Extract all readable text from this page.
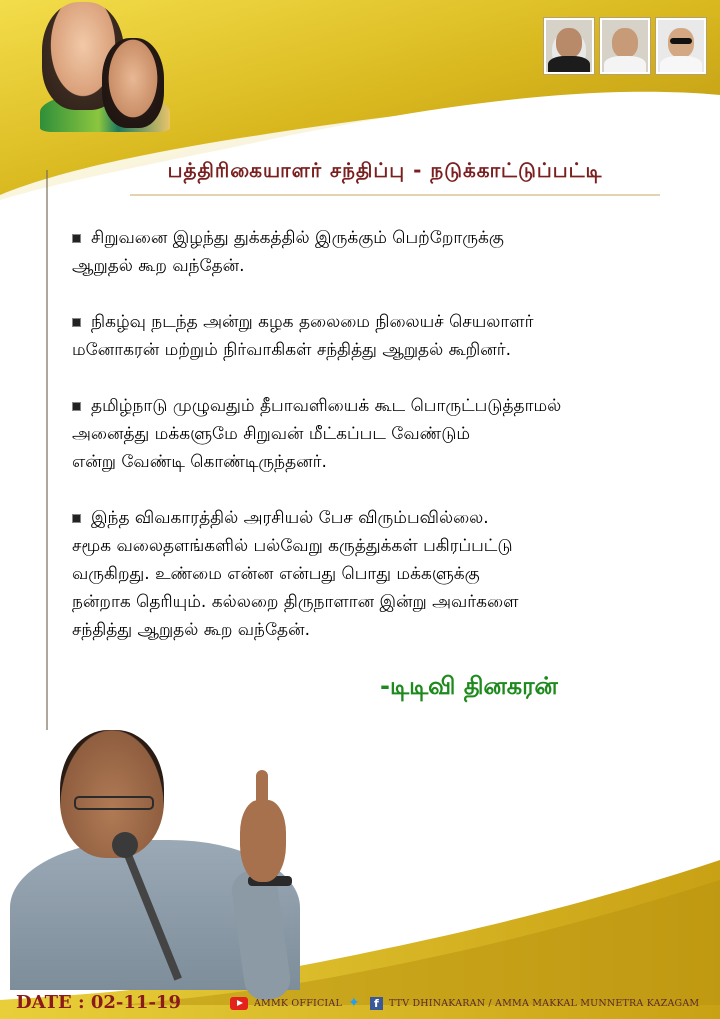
பத்திரிகையாளர் சந்திப்பு - நடுக்காட்டுப்பட்டி

சிறுவனை இழந்து துக்கத்தில் இருக்கும் பெற்றோருக்கு
ஆறுதல் கூற வந்தேன்.

நிகழ்வு நடந்த அன்று கழக தலைமை நிலையச் செயலாளர்
மனோகரன் மற்றும் நிர்வாகிகள் சந்தித்து ஆறுதல் கூறினர்.

தமிழ்நாடு முழுவதும் தீபாவளியைக் கூட பொருட்படுத்தாமல்
அனைத்து மக்களுமே சிறுவன் மீட்கப்பட வேண்டும்
என்று வேண்டி கொண்டிருந்தனர்.

இந்த விவகாரத்தில் அரசியல் பேச விரும்பவில்லை.
சமூக வலைதளங்களில் பல்வேறு கருத்துக்கள் பகிரப்பட்டு
வருகிறது. உண்மை என்ன என்பது பொது மக்களுக்கு
நன்றாக தெரியும். கல்லறை திருநாளான இன்று அவர்களை
சந்தித்து ஆறுதல் கூற வந்தேன்.

-டிடிவி தினகரன்
DATE : 02-11-19	AMMK OFFICIAL ✦	f	TTV DHINAKARAN / AMMA MAKKAL MUNNETRA KAZAGAM
